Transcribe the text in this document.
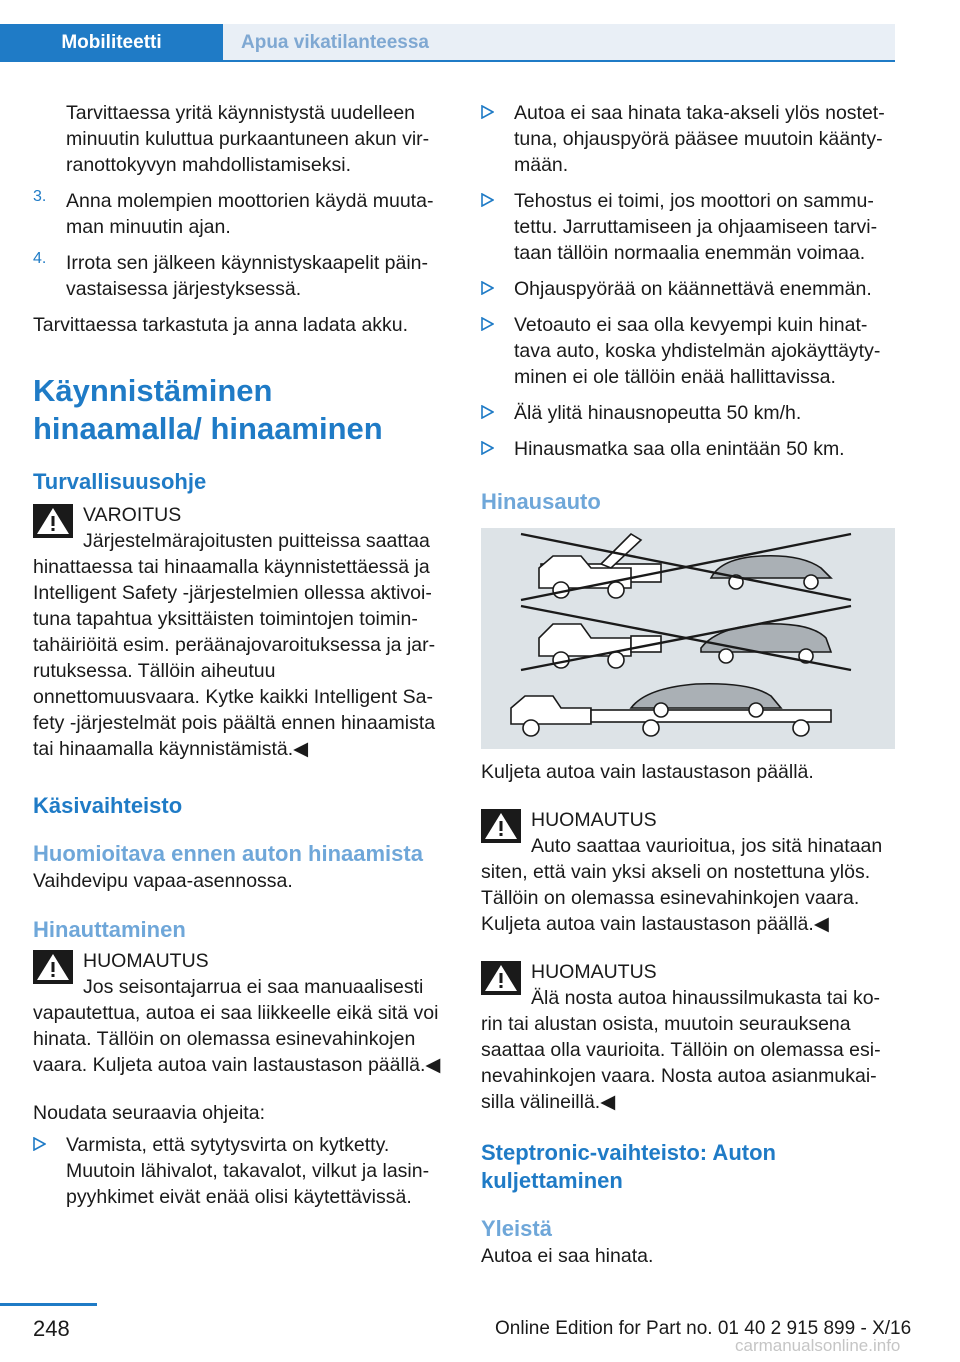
Mobiliteetti	Apua vikatilanteessa

Tarvittaessa yritä käynnistystä uudelleen minuutin kuluttua purkaantuneen akun virranottokyvyn mahdollistamiseksi.

3. Anna molempien moottorien käydä muutaman minuutin ajan.

4. Irrota sen jälkeen käynnistyskaapelit päinvastaisessa järjestyksessä.

Tarvittaessa tarkastuta ja anna ladata akku.

Käynnistäminen hinaamalla/ hinaaminen
Turvallisuusohje

VAROITUS

Järjestelmärajoitusten puitteissa saattaa hinattaessa tai hinaamalla käynnistettäessä ja Intelligent Safety -järjestelmien ollessa aktivoituna tapahtua yksittäisten toimintojen toimintahäiriöitä esim. peräänajovaroituksessa ja jarrutuksessa. Tällöin aiheutuu onnettomuusvaara. Kytke kaikki Intelligent Safety -järjestelmät pois päältä ennen hinaamista tai hinaamalla käynnistämistä.◀

Käsivaihteisto
Huomioitava ennen auton hinaamista

Vaihdevipu vapaa-asennossa.

Hinauttaminen

HUOMAUTUS

Jos seisontajarrua ei saa manuaalisesti vapautettua, autoa ei saa liikkeelle eikä sitä voi hinata. Tällöin on olemassa esinevahinkojen vaara. Kuljeta autoa vain lastaustason päällä.◀

Noudata seuraavia ohjeita:

Varmista, että sytytysvirta on kytketty. Muutoin lähivalot, takavalot, vilkut ja lasinpyyhkimet eivät enää olisi käytettävissä.

Autoa ei saa hinata taka-akseli ylös nostettuna, ohjauspyörä pääsee muutoin kääntymään.

Tehostus ei toimi, jos moottori on sammutettu. Jarruttamiseen ja ohjaamiseen tarvitaan tällöin normaalia enemmän voimaa.

Ohjauspyörää on käännettävä enemmän.

Vetoauto ei saa olla kevyempi kuin hinattava auto, koska yhdistelmän ajokäyttäytyminen ei ole tällöin enää hallittavissa.

Älä ylitä hinausnopeutta 50 km/h.

Hinausmatka saa olla enintään 50 km.

Hinausauto

Kuljeta autoa vain lastaustason päällä.

HUOMAUTUS

Auto saattaa vaurioitua, jos sitä hinataan siten, että vain yksi akseli on nostettuna ylös. Tällöin on olemassa esinevahinkojen vaara. Kuljeta autoa vain lastaustason päällä.◀

HUOMAUTUS

Älä nosta autoa hinaussilmukasta tai korin tai alustan osista, muutoin seurauksena saattaa olla vaurioita. Tällöin on olemassa esinevahinkojen vaara. Nosta autoa asianmukaisilla välineillä.◀

Steptronic-vaihteisto: Auton kuljettaminen
Yleistä

Autoa ei saa hinata.

248	Online Edition for Part no. 01 40 2 915 899 - X/16
carmanualsonline.info
